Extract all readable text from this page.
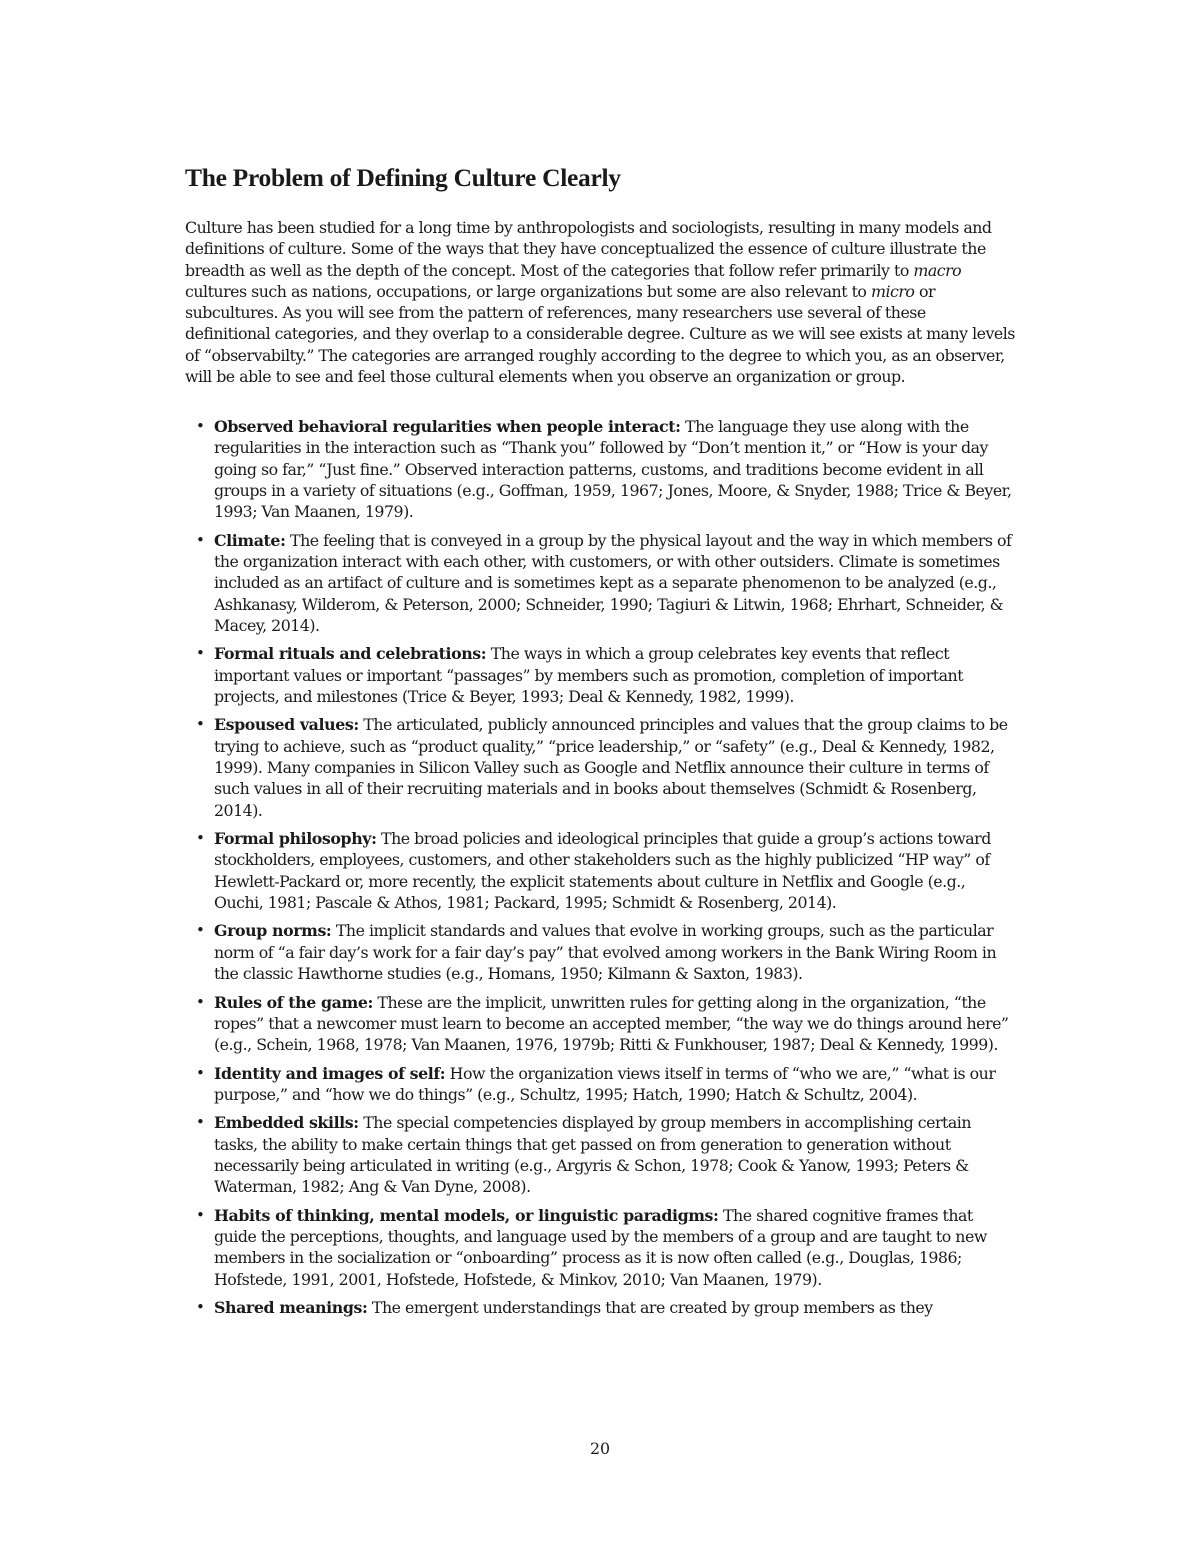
The Problem of Defining Culture Clearly

Culture has been studied for a long time by anthropologists and sociologists, resulting in many models and definitions of culture. Some of the ways that they have conceptualized the essence of culture illustrate the breadth as well as the depth of the concept. Most of the categories that follow refer primarily to macro cultures such as nations, occupations, or large organizations but some are also relevant to micro or subcultures. As you will see from the pattern of references, many researchers use several of these definitional categories, and they overlap to a considerable degree. Culture as we will see exists at many levels of “observabilty.” The categories are arranged roughly according to the degree to which you, as an observer, will be able to see and feel those cultural elements when you observe an organization or group.

• Observed behavioral regularities when people interact: The language they use along with the regularities in the interaction such as “Thank you” followed by “Don’t mention it,” or “How is your day going so far,” “Just fine.” Observed interaction patterns, customs, and traditions become evident in all groups in a variety of situations (e.g., Goffman, 1959, 1967; Jones, Moore, & Snyder, 1988; Trice & Beyer, 1993; Van Maanen, 1979).
• Climate: The feeling that is conveyed in a group by the physical layout and the way in which members of the organization interact with each other, with customers, or with other outsiders. Climate is sometimes included as an artifact of culture and is sometimes kept as a separate phenomenon to be analyzed (e.g., Ashkanasy, Wilderom, & Peterson, 2000; Schneider, 1990; Tagiuri & Litwin, 1968; Ehrhart, Schneider, & Macey, 2014).
• Formal rituals and celebrations: The ways in which a group celebrates key events that reflect important values or important “passages” by members such as promotion, completion of important projects, and milestones (Trice & Beyer, 1993; Deal & Kennedy, 1982, 1999).
• Espoused values: The articulated, publicly announced principles and values that the group claims to be trying to achieve, such as “product quality,” “price leadership,” or “safety” (e.g., Deal & Kennedy, 1982, 1999). Many companies in Silicon Valley such as Google and Netflix announce their culture in terms of such values in all of their recruiting materials and in books about themselves (Schmidt & Rosenberg, 2014).
• Formal philosophy: The broad policies and ideological principles that guide a group’s actions toward stockholders, employees, customers, and other stakeholders such as the highly publicized “HP way” of Hewlett-Packard or, more recently, the explicit statements about culture in Netflix and Google (e.g., Ouchi, 1981; Pascale & Athos, 1981; Packard, 1995; Schmidt & Rosenberg, 2014).
• Group norms: The implicit standards and values that evolve in working groups, such as the particular norm of “a fair day’s work for a fair day’s pay” that evolved among workers in the Bank Wiring Room in the classic Hawthorne studies (e.g., Homans, 1950; Kilmann & Saxton, 1983).
• Rules of the game: These are the implicit, unwritten rules for getting along in the organization, “the ropes” that a newcomer must learn to become an accepted member, “the way we do things around here” (e.g., Schein, 1968, 1978; Van Maanen, 1976, 1979b; Ritti & Funkhouser, 1987; Deal & Kennedy, 1999).
• Identity and images of self: How the organization views itself in terms of “who we are,” “what is our purpose,” and “how we do things” (e.g., Schultz, 1995; Hatch, 1990; Hatch & Schultz, 2004).
• Embedded skills: The special competencies displayed by group members in accomplishing certain tasks, the ability to make certain things that get passed on from generation to generation without necessarily being articulated in writing (e.g., Argyris & Schon, 1978; Cook & Yanow, 1993; Peters & Waterman, 1982; Ang & Van Dyne, 2008).
• Habits of thinking, mental models, or linguistic paradigms: The shared cognitive frames that guide the perceptions, thoughts, and language used by the members of a group and are taught to new members in the socialization or “onboarding” process as it is now often called (e.g., Douglas, 1986; Hofstede, 1991, 2001, Hofstede, Hofstede, & Minkov, 2010; Van Maanen, 1979).
• Shared meanings: The emergent understandings that are created by group members as they
20
